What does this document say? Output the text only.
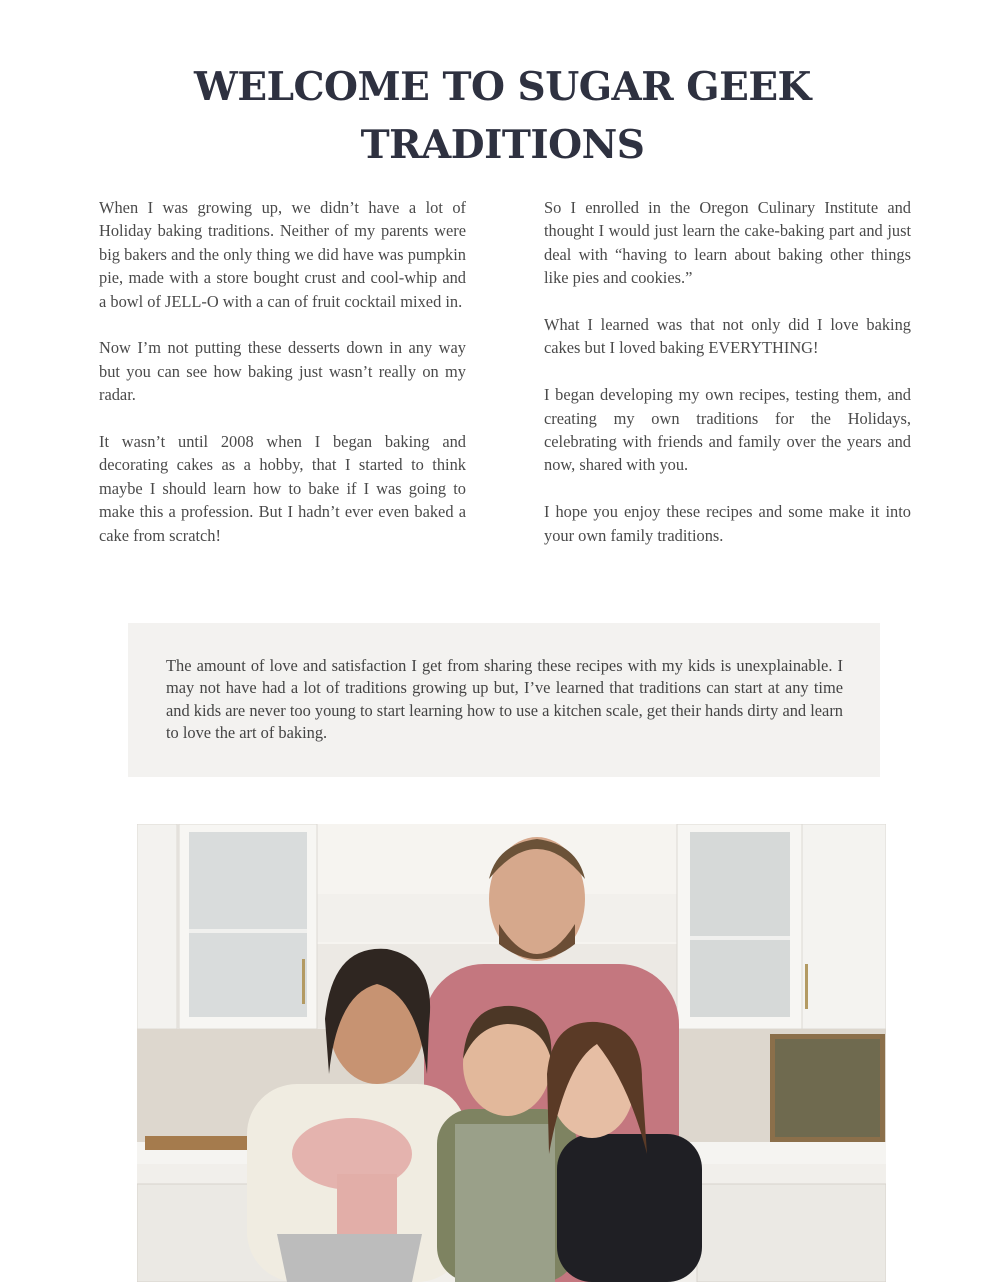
WELCOME TO SUGAR GEEK
TRADITIONS

When I was growing up, we didn’t have a lot of Holiday baking traditions. Neither of my parents were big bakers and the only thing we did have was pumpkin pie, made with a store bought crust and cool-whip and a bowl of JELL-O with a can of fruit cocktail mixed in.

Now I’m not putting these desserts down in any way but you can see how baking just wasn’t really on my radar.

It wasn’t until 2008 when I began baking and decorating cakes as a hobby, that I started to think maybe I should learn how to bake if I was going to make this a profession. But I hadn’t ever even baked a cake from scratch!

So I enrolled in the Oregon Culinary Institute and thought I would just learn the cake-baking part and just deal with “having to learn about baking other things like pies and cookies.”

What I learned was that not only did I love baking cakes but I loved baking EVERYTHING!

I began developing my own recipes, testing them, and creating my own traditions for the Holidays, celebrating with friends and family over the years and now, shared with you.

I hope you enjoy these recipes and some make it into your own family traditions.

The amount of love and satisfaction I get from sharing these recipes with my kids is unexplainable. I may not have had a lot of traditions growing up but, I’ve learned that traditions can start at any time and kids are never too young to start learning how to use a kitchen scale, get their hands dirty and learn to love the art of baking.
